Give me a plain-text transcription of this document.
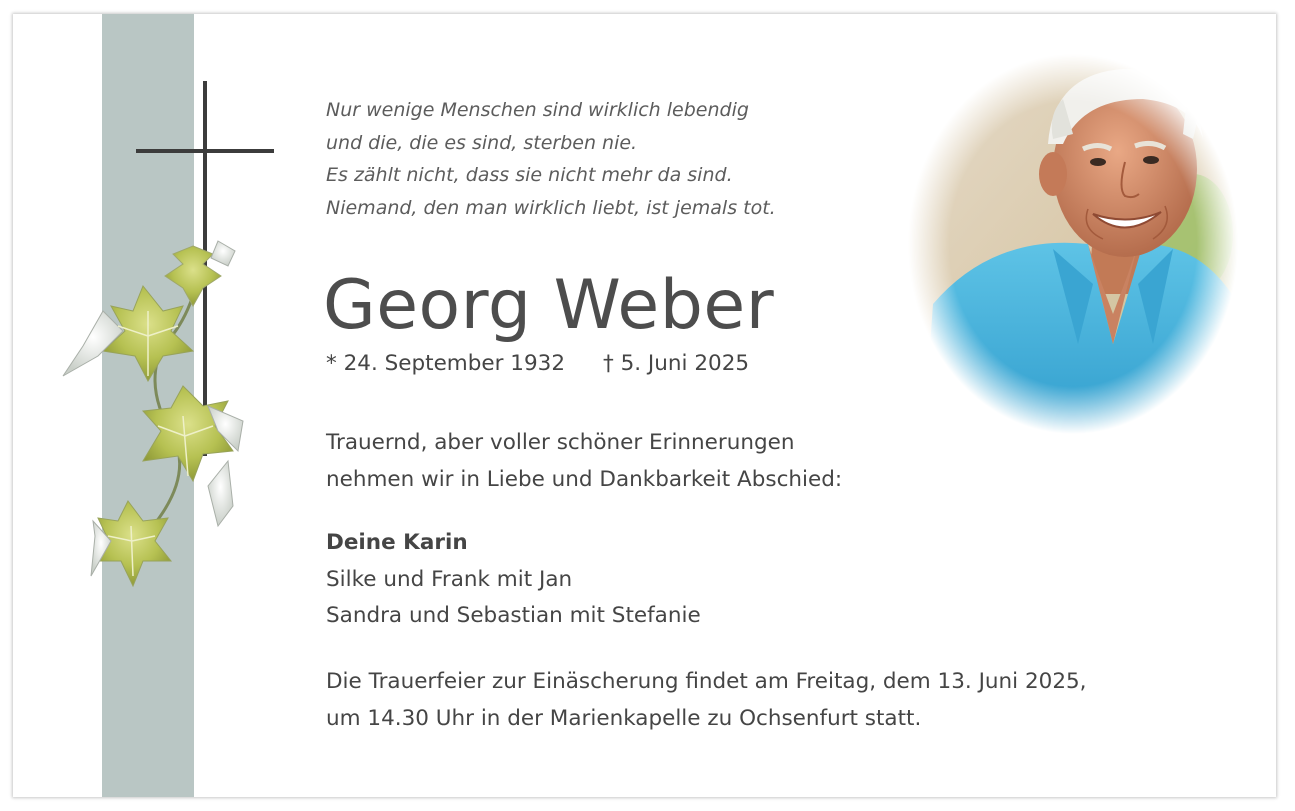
Nur wenige Menschen sind wirklich lebendig
und die, die es sind, sterben nie.
Es zählt nicht, dass sie nicht mehr da sind.
Niemand, den man wirklich liebt, ist jemals tot.
Georg Weber
* 24. September 1932 † 5. Juni 2025
Trauernd, aber voller schöner Erinnerungen
nehmen wir in Liebe und Dankbarkeit Abschied:
Deine Karin
Silke und Frank mit Jan
Sandra und Sebastian mit Stefanie
Die Trauerfeier zur Einäscherung findet am Freitag, dem 13. Juni 2025,
um 14.30 Uhr in der Marienkapelle zu Ochsenfurt statt.
